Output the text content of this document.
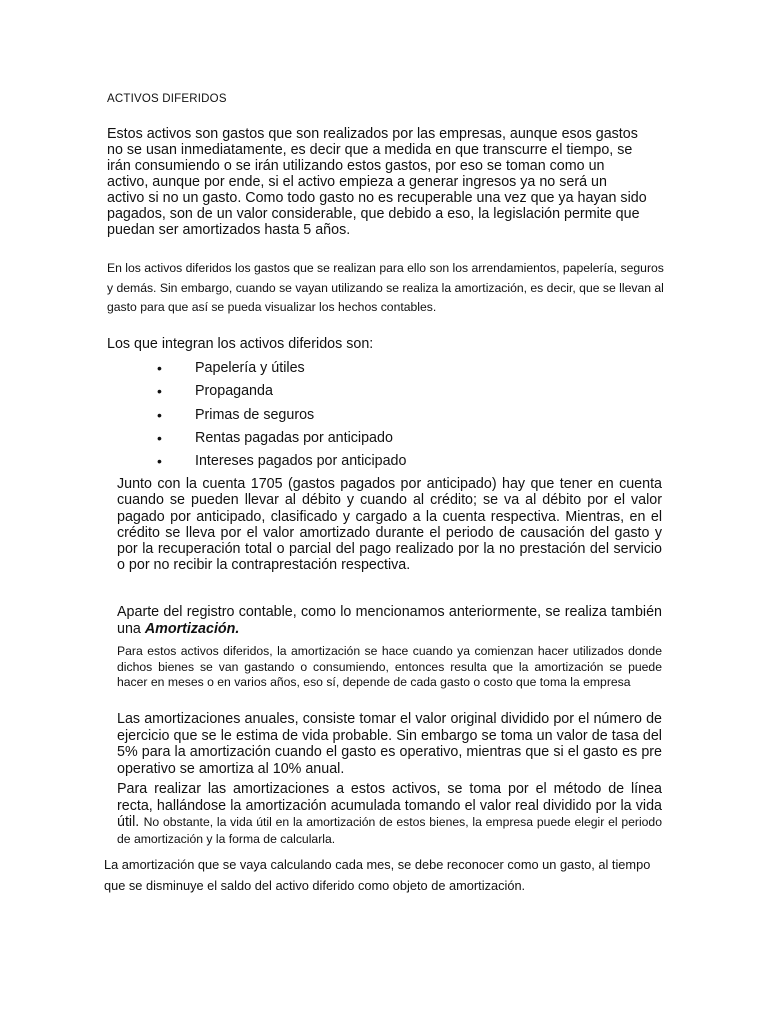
ACTIVOS DIFERIDOS

Estos activos son gastos que son realizados por las empresas, aunque esos gastos no se usan inmediatamente, es decir que a medida en que transcurre el tiempo, se irán consumiendo o se irán utilizando estos gastos, por eso se toman como un activo, aunque por ende, si el activo empieza a generar ingresos ya no será un activo si no un gasto. Como todo gasto no es recuperable una vez que ya hayan sido pagados, son de un valor considerable, que debido a eso, la legislación permite que puedan ser amortizados hasta 5 años.

En los activos diferidos los gastos que se realizan para ello son los arrendamientos, papelería, seguros y demás. Sin embargo, cuando se vayan utilizando se realiza la amortización, es decir, que se llevan al gasto para que así se pueda visualizar los hechos contables.

Los que integran los activos diferidos son:

• Papelería y útiles
• Propaganda
• Primas de seguros
• Rentas pagadas por anticipado
• Intereses pagados por anticipado

Junto con la cuenta 1705 (gastos pagados por anticipado) hay que tener en cuenta cuando se pueden llevar al débito y cuando al crédito; se va al débito por el valor pagado por anticipado, clasificado y cargado a la cuenta respectiva. Mientras, en el crédito se lleva por el valor amortizado durante el periodo de causación del gasto y por la recuperación total o parcial del pago realizado por la no prestación del servicio o por no recibir la contraprestación respectiva.

Aparte del registro contable, como lo mencionamos anteriormente, se realiza también una Amortización.

Para estos activos diferidos, la amortización se hace cuando ya comienzan hacer utilizados donde dichos bienes se van gastando o consumiendo, entonces resulta que la amortización se puede hacer en meses o en varios años, eso sí, depende de cada gasto o costo que toma la empresa

Las amortizaciones anuales, consiste tomar el valor original dividido por el número de ejercicio que se le estima de vida probable. Sin embargo se toma un valor de tasa del 5% para la amortización cuando el gasto es operativo, mientras que si el gasto es pre operativo se amortiza al 10% anual.

Para realizar las amortizaciones a estos activos, se toma por el método de línea recta, hallándose la amortización acumulada tomando el valor real dividido por la vida útil. No obstante, la vida útil en la amortización de estos bienes, la empresa puede elegir el periodo de amortización y la forma de calcularla.

La amortización que se vaya calculando cada mes, se debe reconocer como un gasto, al tiempo que se disminuye el saldo del activo diferido como objeto de amortización.
